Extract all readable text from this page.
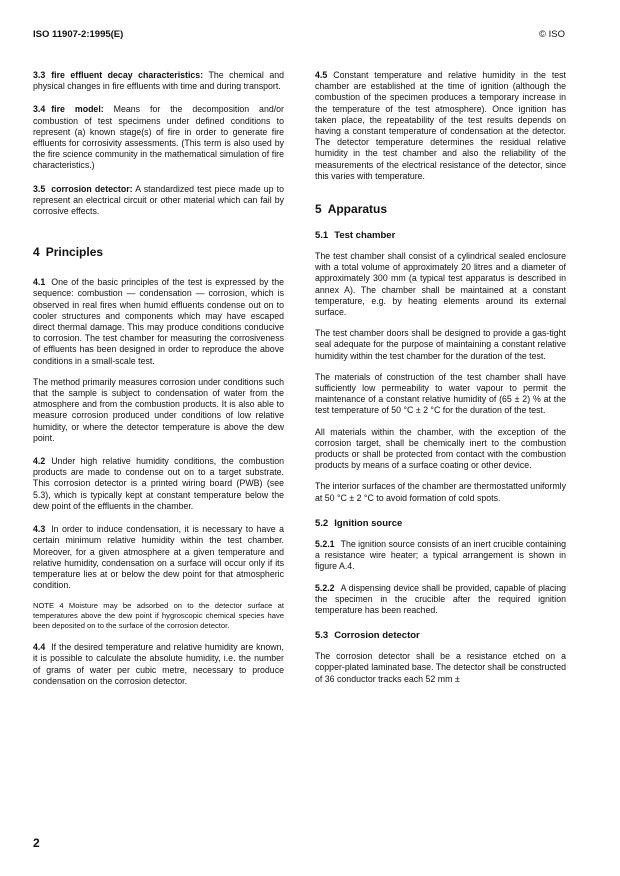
ISO 11907-2:1995(E)	© ISO

3.3 fire effluent decay characteristics: The chemical and physical changes in fire effluents with time and during transport.

3.4 fire model: Means for the decomposition and/or combustion of test specimens under defined conditions to represent (a) known stage(s) of fire in order to generate fire effluents for corrosivity assessments. (This term is also used by the fire science community in the mathematical simulation of fire characteristics.)

3.5 corrosion detector: A standardized test piece made up to represent an electrical circuit or other material which can fail by corrosive effects.

4 Principles

4.1 One of the basic principles of the test is expressed by the sequence: combustion — condensation — corrosion, which is observed in real fires when humid effluents condense out on to cooler structures and components which may have escaped direct thermal damage. This may produce conditions conducive to corrosion. The test chamber for measuring the corrosiveness of effluents has been designed in order to reproduce the above conditions in a small-scale test.

The method primarily measures corrosion under conditions such that the sample is subject to condensation of water from the atmosphere and from the combustion products. It is also able to measure corrosion produced under conditions of low relative humidity, or where the detector temperature is above the dew point.

4.2 Under high relative humidity conditions, the combustion products are made to condense out on to a target substrate. This corrosion detector is a printed wiring board (PWB) (see 5.3), which is typically kept at constant temperature below the dew point of the effluents in the chamber.

4.3 In order to induce condensation, it is necessary to have a certain minimum relative humidity within the test chamber. Moreover, for a given atmosphere at a given temperature and relative humidity, condensation on a surface will occur only if its temperature lies at or below the dew point for that atmospheric condition.

NOTE 4 Moisture may be adsorbed on to the detector surface at temperatures above the dew point if hygroscopic chemical species have been deposited on to the surface of the corrosion detector.

4.4 If the desired temperature and relative humidity are known, it is possible to calculate the absolute humidity, i.e. the number of grams of water per cubic metre, necessary to produce condensation on the corrosion detector.

4.5 Constant temperature and relative humidity in the test chamber are established at the time of ignition (although the combustion of the specimen produces a temporary increase in the temperature of the test atmosphere). Once ignition has taken place, the repeatability of the test results depends on having a constant temperature of condensation at the detector. The detector temperature determines the residual relative humidity in the test chamber and also the reliability of the measurements of the electrical resistance of the detector, since this varies with temperature.

5 Apparatus
5.1 Test chamber

The test chamber shall consist of a cylindrical sealed enclosure with a total volume of approximately 20 litres and a diameter of approximately 300 mm (a typical test apparatus is described in annex A). The chamber shall be maintained at a constant temperature, e.g. by heating elements around its external surface.

The test chamber doors shall be designed to provide a gas-tight seal adequate for the purpose of maintaining a constant relative humidity within the test chamber for the duration of the test.

The materials of construction of the test chamber shall have sufficiently low permeability to water vapour to permit the maintenance of a constant relative humidity of (65 ± 2) % at the test temperature of 50 °C ± 2 °C for the duration of the test.

All materials within the chamber, with the exception of the corrosion target, shall be chemically inert to the combustion products or shall be protected from contact with the combustion products by means of a surface coating or other device.

The interior surfaces of the chamber are thermostatted uniformly at 50 °C ± 2 °C to avoid formation of cold spots.

5.2 Ignition source

5.2.1 The ignition source consists of an inert crucible containing a resistance wire heater; a typical arrangement is shown in figure A.4.

5.2.2 A dispensing device shall be provided, capable of placing the specimen in the crucible after the required ignition temperature has been reached.

5.3 Corrosion detector

The corrosion detector shall be a resistance etched on a copper-plated laminated base. The detector shall be constructed of 36 conductor tracks each 52 mm ±

2
